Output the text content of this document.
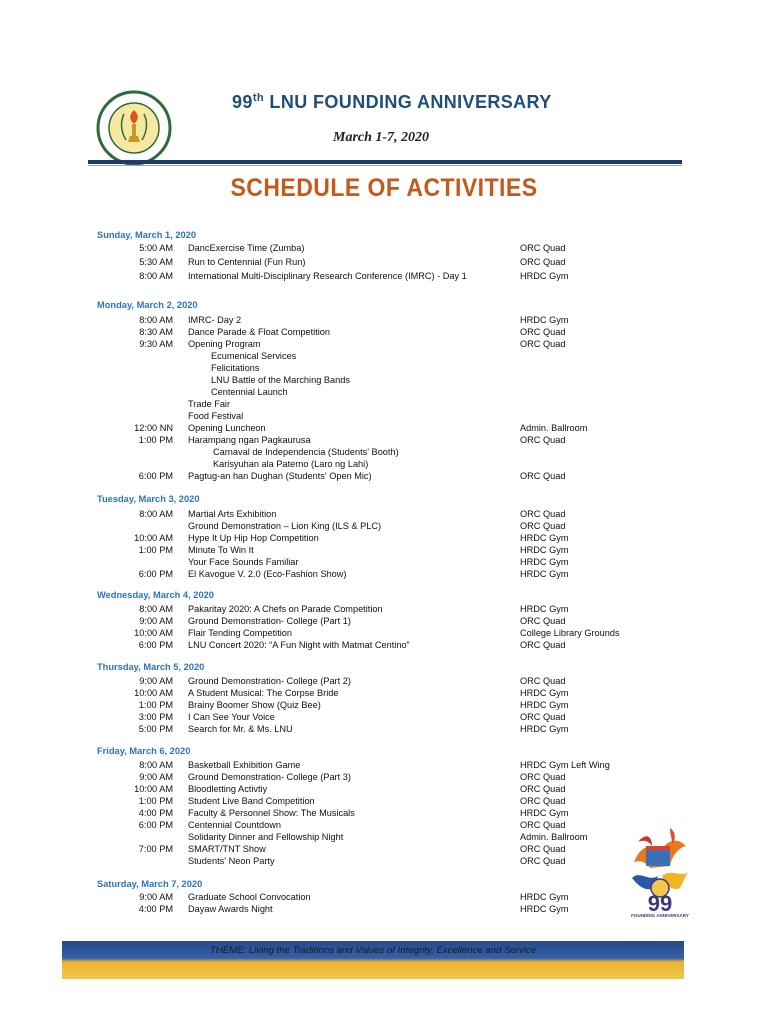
99th LNU FOUNDING ANNIVERSARY
March 1-7, 2020
SCHEDULE OF ACTIVITIES
Sunday, March 1, 2020
5:00 AM DancExercise Time (Zumba)	ORC Quad
5:30 AM Run to Centennial (Fun Run)	ORC Quad
8:00 AM International Multi-Disciplinary Research Conference (IMRC) - Day 1	HRDC Gym
Monday, March 2, 2020
8:00 AM IMRC- Day 2	HRDC Gym
8:30 AM Dance Parade & Float Competition	ORC Quad
9:30 AM Opening Program	ORC Quad
Ecumenical Services
Felicitations
LNU Battle of the Marching Bands
Centennial Launch
Trade Fair
Food Festival
12:00 NN Opening Luncheon	Admin. Ballroom
1:00 PM Harampang ngan Pagkaurusa	ORC Quad
Carnaval de Independencia (Students' Booth)
Karisyuhan ala Paterno (Laro ng Lahi)
6:00 PM Pagtug-an han Dughan (Students' Open Mic)	ORC Quad
Tuesday, March 3, 2020
8:00 AM Martial Arts Exhibition	ORC Quad
Ground Demonstration – Lion King (ILS & PLC)	ORC Quad
10:00 AM Hype It Up Hip Hop Competition	HRDC Gym
1:00 PM Minute To Win It	HRDC Gym
Your Face Sounds Familiar	HRDC Gym
6:00 PM El Kavogue V. 2.0 (Eco-Fashion Show)	HRDC Gym
Wednesday, March 4, 2020
8:00 AM Pakaritay 2020: A Chefs on Parade Competition	HRDC Gym
9:00 AM Ground Demonstration- College (Part 1)	ORC Quad
10:00 AM Flair Tending Competition	College Library Grounds
6:00 PM LNU Concert 2020: “A Fun Night with Matmat Centino”	ORC Quad
Thursday, March 5, 2020
9:00 AM Ground Demonstration- College (Part 2)	ORC Quad
10:00 AM A Student Musical: The Corpse Bride	HRDC Gym
1:00 PM Brainy Boomer Show (Quiz Bee)	HRDC Gym
3:00 PM I Can See Your Voice	ORC Quad
5:00 PM Search for Mr. & Ms. LNU	HRDC Gym
Friday, March 6, 2020
8:00 AM Basketball Exhibition Game	HRDC Gym Left Wing
9:00 AM Ground Demonstration- College (Part 3)	ORC Quad
10:00 AM Bloodletting Activtiy	ORC Quad
1:00 PM Student Live Band Competition	ORC Quad
4:00 PM Faculty & Personnel Show: The Musicals	HRDC Gym
6:00 PM Centennial Countdown	ORC Quad
Solidarity Dinner and Fellowship Night	Admin. Ballroom
7:00 PM SMART/TNT Show	ORC Quad
Students' Neon Party	ORC Quad
Saturday, March 7, 2020
9:00 AM Graduate School Convocation	HRDC Gym
4:00 PM Dayaw Awards Night	HRDC Gym	99
FOUNDING ANNIVERSARY
THEME: Living the Traditions and Values of Integrity, Excellence and Service
